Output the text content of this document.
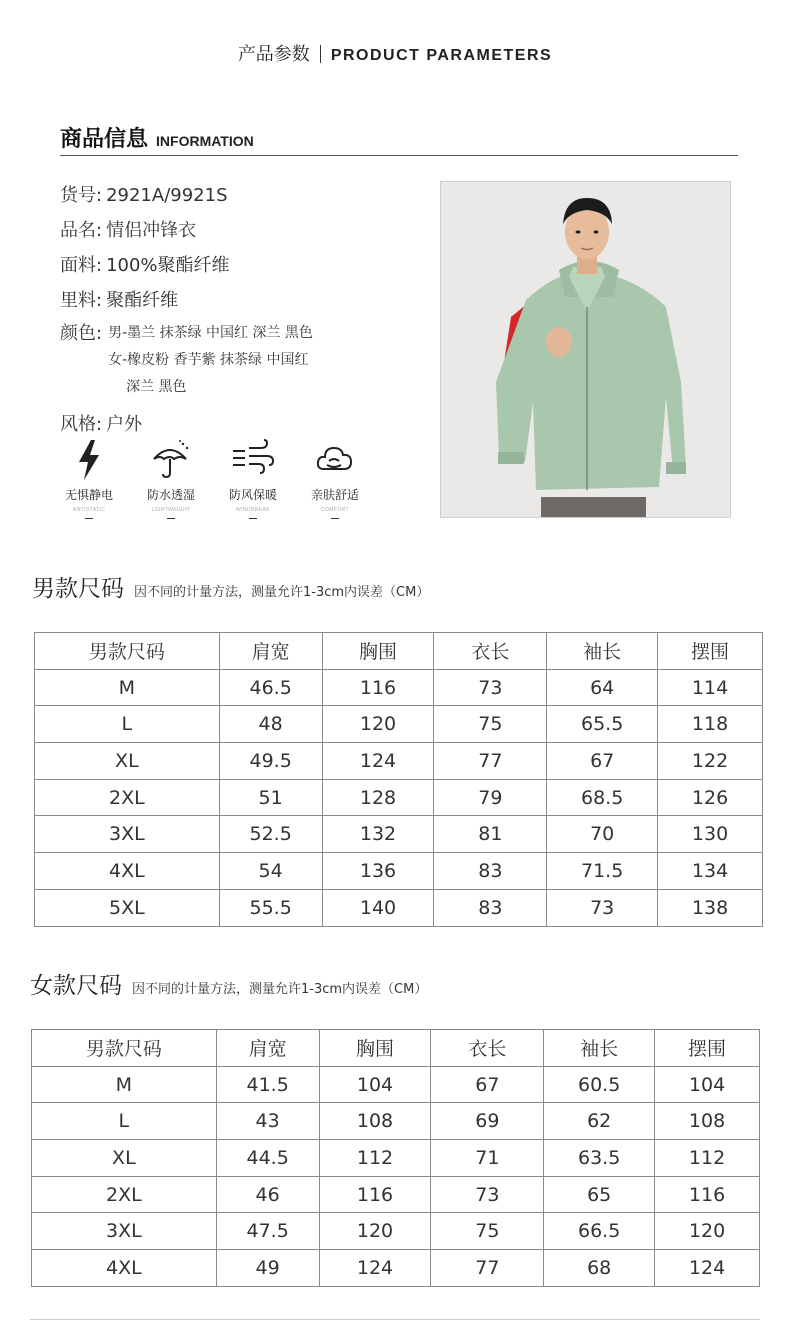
产品参数 PRODUCT PARAMETERS
商品信息 INFORMATION
货号: 2921A/9921S
品名: 情侣冲锋衣
面料: 100%聚酯纤维
里料: 聚酯纤维
颜色: 男-墨兰 抹茶绿 中国红 深兰 黑色
女-橡皮粉 香芋紫 抹茶绿 中国红
深兰 黑色
风格: 户外
无惧静电
ANTISTATIC
防水透湿
LIGHTWEIGHT
防风保暖
WINDBREAK
亲肤舒适
COMFORT
男款尺码 因不同的计量方法，测量允许1-3cm内误差（CM）
男款尺码	肩宽	胸围	衣长	袖长	摆围
M	46.5	116	73	64	114
L	48	120	75	65.5	118
XL	49.5	124	77	67	122
2XL	51	128	79	68.5	126
3XL	52.5	132	81	70	130
4XL	54	136	83	71.5	134
5XL	55.5	140	83	73	138
女款尺码 因不同的计量方法，测量允许1-3cm内误差（CM）
男款尺码	肩宽	胸围	衣长	袖长	摆围
M	41.5	104	67	60.5	104
L	43	108	69	62	108
XL	44.5	112	71	63.5	112
2XL	46	116	73	65	116
3XL	47.5	120	75	66.5	120
4XL	49	124	77	68	124
